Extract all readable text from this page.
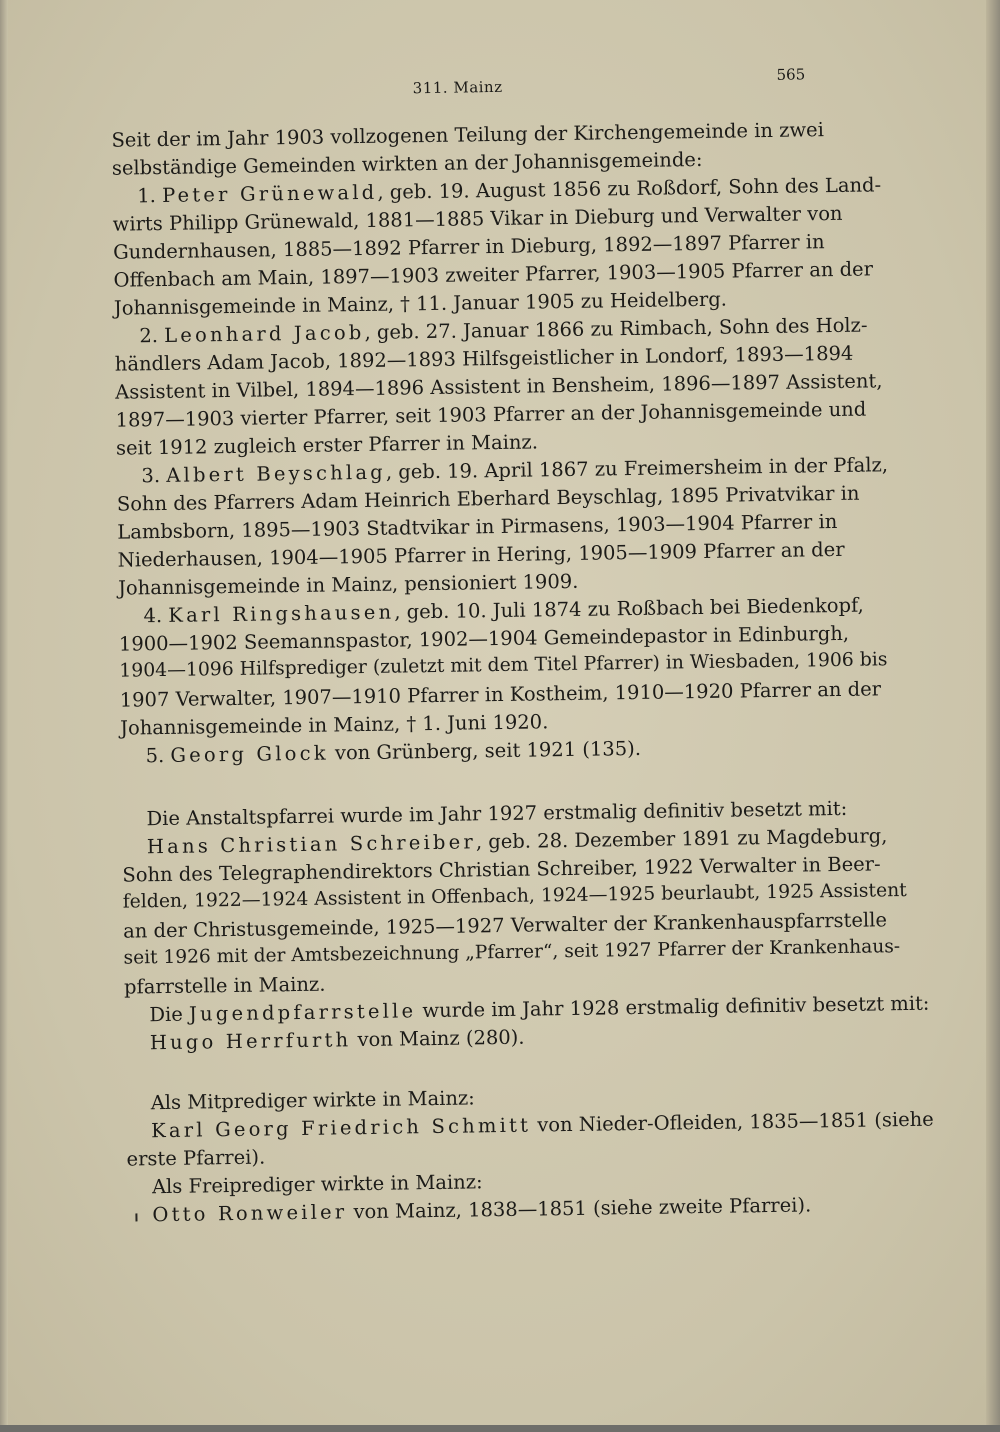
311. Mainz
565
Seit der im Jahr 1903 vollzogenen Teilung der Kirchengemeinde in zwei
selbständige Gemeinden wirkten an der Johannisgemeinde:
1. Peter Grünewald, geb. 19. August 1856 zu Roßdorf, Sohn des Land-
wirts Philipp Grünewald, 1881—1885 Vikar in Dieburg und Verwalter von
Gundernhausen, 1885—1892 Pfarrer in Dieburg, 1892—1897 Pfarrer in
Offenbach am Main, 1897—1903 zweiter Pfarrer, 1903—1905 Pfarrer an der
Johannisgemeinde in Mainz, † 11. Januar 1905 zu Heidelberg.
2. Leonhard Jacob, geb. 27. Januar 1866 zu Rimbach, Sohn des Holz-
händlers Adam Jacob, 1892—1893 Hilfsgeistlicher in Londorf, 1893—1894
Assistent in Vilbel, 1894—1896 Assistent in Bensheim, 1896—1897 Assistent,
1897—1903 vierter Pfarrer, seit 1903 Pfarrer an der Johannisgemeinde und
seit 1912 zugleich erster Pfarrer in Mainz.
3. Albert Beyschlag, geb. 19. April 1867 zu Freimersheim in der Pfalz,
Sohn des Pfarrers Adam Heinrich Eberhard Beyschlag, 1895 Privatvikar in
Lambsborn, 1895—1903 Stadtvikar in Pirmasens, 1903—1904 Pfarrer in
Niederhausen, 1904—1905 Pfarrer in Hering, 1905—1909 Pfarrer an der
Johannisgemeinde in Mainz, pensioniert 1909.
4. Karl Ringshausen, geb. 10. Juli 1874 zu Roßbach bei Biedenkopf,
1900—1902 Seemannspastor, 1902—1904 Gemeindepastor in Edinburgh,
1904—1096 Hilfsprediger (zuletzt mit dem Titel Pfarrer) in Wiesbaden, 1906 bis
1907 Verwalter, 1907—1910 Pfarrer in Kostheim, 1910—1920 Pfarrer an der
Johannisgemeinde in Mainz, † 1. Juni 1920.
5. Georg Glock von Grünberg, seit 1921 (135).
Die Anstaltspfarrei wurde im Jahr 1927 erstmalig definitiv besetzt mit:
Hans Christian Schreiber, geb. 28. Dezember 1891 zu Magdeburg,
Sohn des Telegraphendirektors Christian Schreiber, 1922 Verwalter in Beer-
felden, 1922—1924 Assistent in Offenbach, 1924—1925 beurlaubt, 1925 Assistent
an der Christusgemeinde, 1925—1927 Verwalter der Krankenhauspfarrstelle
seit 1926 mit der Amtsbezeichnung „Pfarrer“, seit 1927 Pfarrer der Krankenhaus-
pfarrstelle in Mainz.
Die Jugendpfarrstelle wurde im Jahr 1928 erstmalig definitiv besetzt mit:
Hugo Herrfurth von Mainz (280).
Als Mitprediger wirkte in Mainz:
Karl Georg Friedrich Schmitt von Nieder-Ofleiden, 1835—1851 (siehe
erste Pfarrei).
Als Freiprediger wirkte in Mainz:
Otto Ronweiler von Mainz, 1838—1851 (siehe zweite Pfarrei).
